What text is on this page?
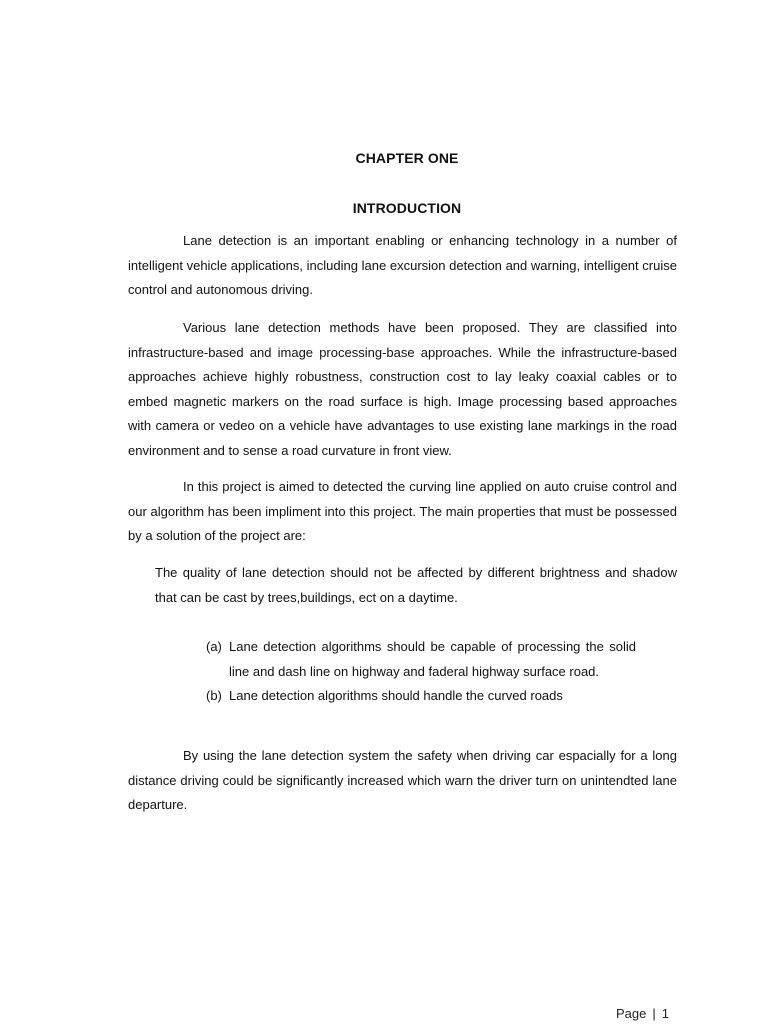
CHAPTER ONE
INTRODUCTION

Lane detection is an important enabling or enhancing technology in a number of intelligent vehicle applications, including lane excursion detection and warning, intelligent cruise control and autonomous driving.

Various lane detection methods have been proposed. They are classified into infrastructure-based and image processing-base approaches. While the infrastructure-based approaches achieve highly robustness, construction cost to lay leaky coaxial cables or to embed magnetic markers on the road surface is high. Image processing based approaches with camera or vedeo on a vehicle have advantages to use existing lane markings in the road environment and to sense a road curvature in front view.

In this project is aimed to detected the curving line applied on auto cruise control and our algorithm has been impliment into this project. The main properties that must be possessed by a solution of the project are:

The quality of lane detection should not be affected by different brightness and shadow that can be cast by trees,buildings, ect on a daytime.

(a) Lane detection algorithms should be capable of processing the solid line and dash line on highway and faderal highway surface road.
(b) Lane detection algorithms should handle the curved roads

By using the lane detection system the safety when driving car espacially for a long distance driving could be significantly increased which warn the driver turn on unintendted lane departure.

Page | 1
